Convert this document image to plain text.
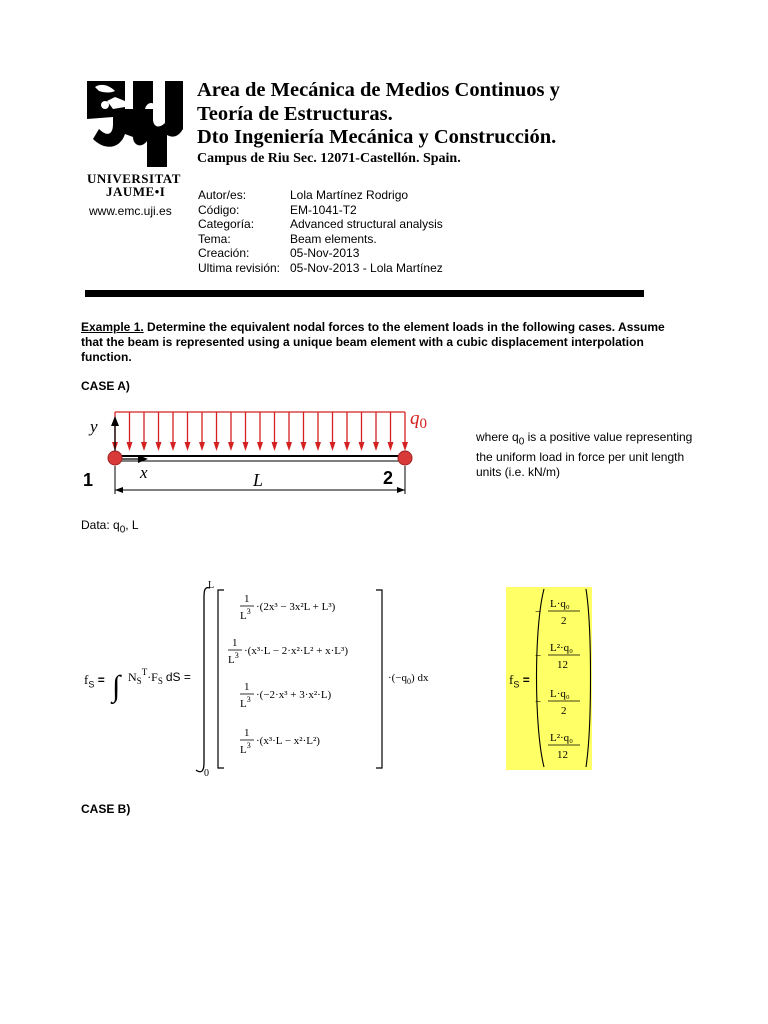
UNIVERSITAT
JAUME•I
www.emc.uji.es
Area de Mecánica de Medios Continuos y
Teoría de Estructuras.
Dto Ingeniería Mecánica y Construcción.
Campus de Riu Sec. 12071-Castellón. Spain.
Autor/es:	Lola Martínez Rodrigo
Código:	EM-1041-T2
Categoría:	Advanced structural analysis
Tema:	Beam elements.
Creación:	05-Nov-2013
Ultima revisión: 05-Nov-2013 - Lola Martínez
Example 1. Determine the equivalent nodal forces to the element loads in the following cases. Assume that the beam is represented using a unique beam element with a cubic displacement interpolation function.
CASE A)
y	$q_0$
1	2
x	L
where $q_0$ is a positive value representing the uniform load in force per unit length units (i.e. kN/m)
Data: $q_0$, L
$f_S$ = ∫ $N_S^T\cdot F_S$ dS =
L
0
1
$L^3 \cdot(2x^3 - 3x^2L + L^3)$
1
$L^3 \cdot(x^3\cdot L - 2\cdot x^2\cdot L^2 + x\cdot L^3)$
1
$L^3 \cdot(-2\cdot x^3 + 3\cdot x^2\cdot L)$
1
$L^3 \cdot(x^3\cdot L - x^2\cdot L^2)$
$\cdot(-q_0)$ dx	$f_S$ =
−
L·q₀
2
−
L²·q₀
12
−
L·q₀
2
L²·q₀
12
CASE B)
